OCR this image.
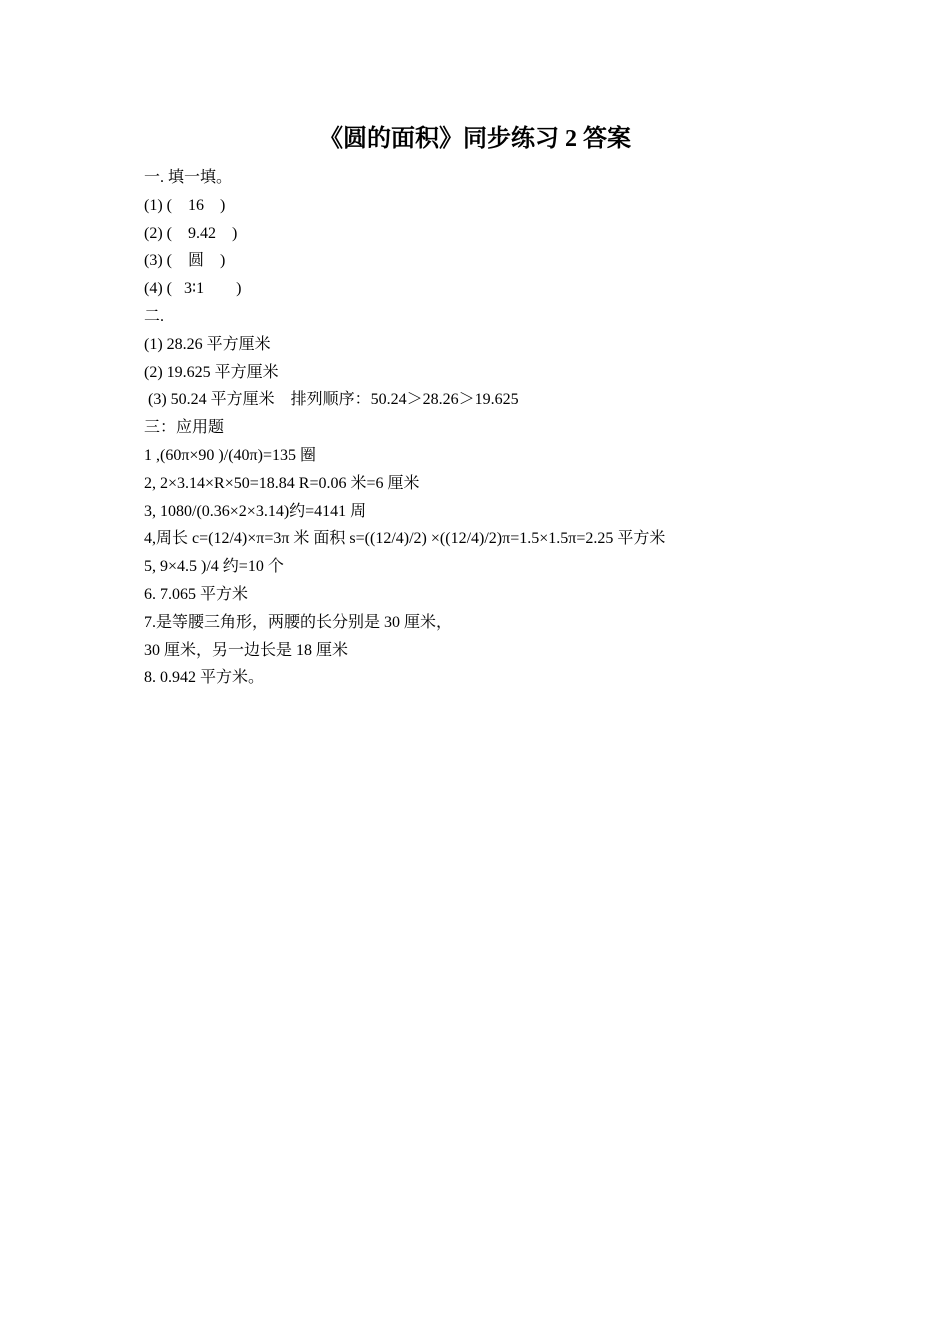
《圆的面积》同步练习 2 答案
一. 填一填。
(1) (    16    )
(2) (    9.42    )
(3) (    圆    )
(4) (   3∶1        )
二.
(1) 28.26 平方厘米
(2) 19.625 平方厘米
(3) 50.24 平方厘米    排列顺序：50.24＞28.26＞19.625
三：应用题
1 ,(60π×90 )/(40π)=135 圈
2, 2×3.14×R×50=18.84 R=0.06 米=6 厘米
3, 1080/(0.36×2×3.14)约=4141 周
4,周长 c=(12/4)×π=3π 米 面积 s=((12/4)/2) ×((12/4)/2)π=1.5×1.5π=2.25 平方米
5, 9×4.5 )/4 约=10 个
6. 7.065 平方米
7.是等腰三角形，两腰的长分别是 30 厘米，
30 厘米，另一边长是 18 厘米
8. 0.942 平方米。
